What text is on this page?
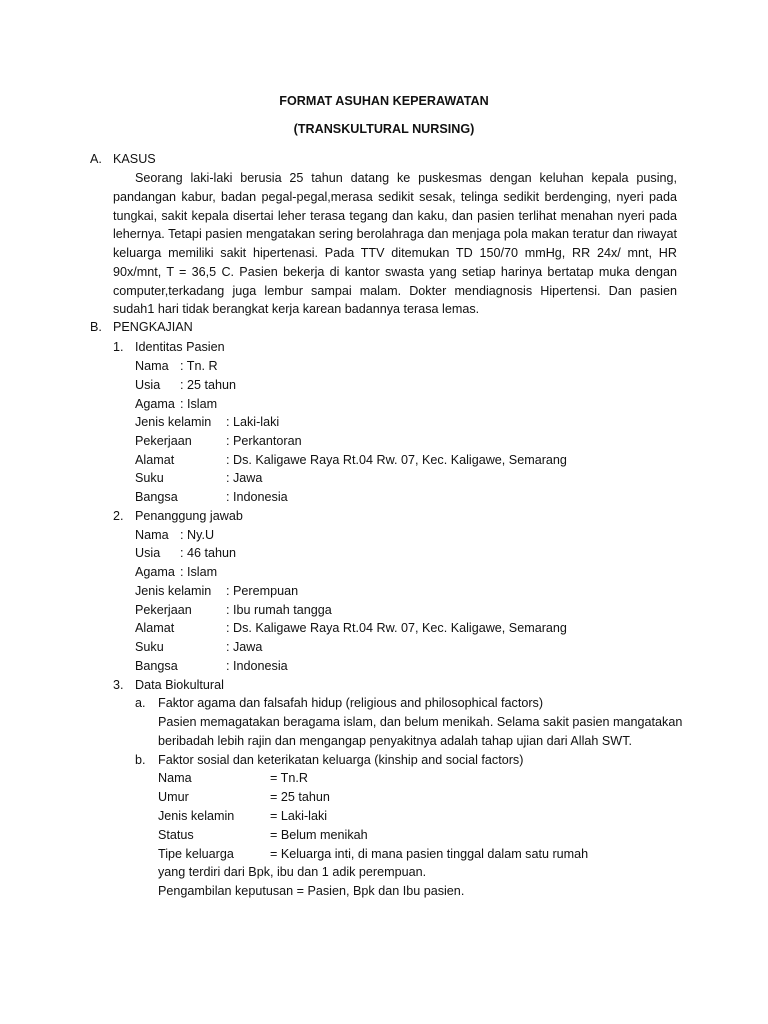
FORMAT ASUHAN KEPERAWATAN
(TRANSKULTURAL NURSING)
A. KASUS
Seorang laki-laki berusia 25 tahun datang ke puskesmas dengan keluhan kepala pusing, pandangan kabur, badan pegal-pegal,merasa sedikit sesak, telinga sedikit berdenging, nyeri pada tungkai, sakit kepala disertai leher terasa tegang dan kaku, dan pasien terlihat menahan nyeri pada lehernya. Tetapi pasien mengatakan sering berolahraga dan menjaga pola makan teratur dan riwayat keluarga memiliki sakit hipertenasi. Pada TTV ditemukan TD 150/70 mmHg, RR 24x/ mnt, HR 90x/mnt, T = 36,5 C. Pasien bekerja di kantor swasta yang setiap harinya bertatap muka dengan computer,terkadang juga lembur sampai malam. Dokter mendiagnosis Hipertensi. Dan pasien sudah1 hari tidak berangkat kerja karean badannya terasa lemas.
B. PENGKAJIAN
1. Identitas Pasien
Nama : Tn. R
Usia : 25 tahun
Agama : Islam
Jenis kelamin : Laki-laki
Pekerjaan	: Perkantoran
Alamat	: Ds. Kaligawe Raya Rt.04 Rw. 07, Kec. Kaligawe, Semarang
Suku	: Jawa
Bangsa	: Indonesia
2. Penanggung jawab
Nama : Ny.U
Usia : 46 tahun
Agama : Islam
Jenis kelamin : Perempuan
Pekerjaan	: Ibu rumah tangga
Alamat	: Ds. Kaligawe Raya Rt.04 Rw. 07, Kec. Kaligawe, Semarang
Suku	: Jawa
Bangsa	: Indonesia
3. Data Biokultural
a. Faktor agama dan falsafah hidup (religious and philosophical factors)
Pasien memagatakan beragama islam, dan belum menikah. Selama sakit pasien mangatakan
beribadah lebih rajin dan mengangap penyakitnya adalah tahap ujian dari Allah SWT.
b. Faktor sosial dan keterikatan keluarga (kinship and social factors)
Nama	= Tn.R
Umur	= 25 tahun
Jenis kelamin	= Laki-laki
Status	= Belum menikah
Tipe keluarga	= Keluarga inti, di mana pasien tinggal dalam satu rumah
yang terdiri dari Bpk, ibu dan 1 adik perempuan.
Pengambilan keputusan = Pasien, Bpk dan Ibu pasien.
